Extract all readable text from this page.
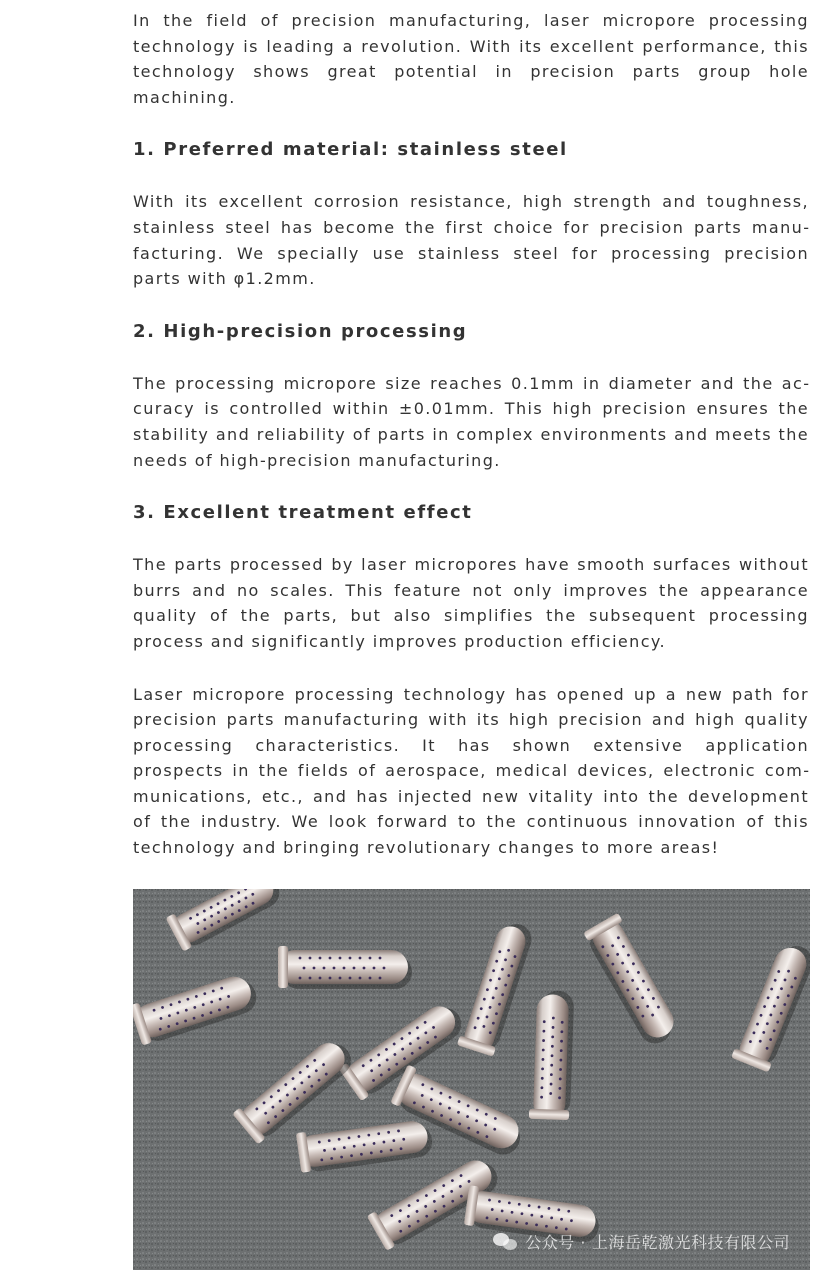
In the field of precision manufacturing, laser micropore processing technology is leading a revolution. With its excellent performance, this technology shows great potential in precision parts group hole machining.

1. Preferred material: stainless steel

With its excellent corrosion resistance, high strength and toughness, stainless steel has become the first choice for precision parts manufacturing. We specially use stainless steel for processing precision parts with φ1.2mm.

2. High-precision processing

The processing micropore size reaches 0.1mm in diameter and the accuracy is controlled within ±0.01mm. This high precision ensures the stability and reliability of parts in complex environments and meets the needs of high-precision manufacturing.

3. Excellent treatment effect

The parts processed by laser micropores have smooth surfaces without burrs and no scales. This feature not only improves the appearance quality of the parts, but also simplifies the subsequent processing process and significantly improves production efficiency.

Laser micropore processing technology has opened up a new path for precision parts manufacturing with its high precision and high quality processing characteristics. It has shown extensive application prospects in the fields of aerospace, medical devices, electronic communications, etc., and has injected new vitality into the development of the industry. We look forward to the continuous innovation of this technology and bringing revolutionary changes to more areas!

公众号 · 上海岳乾激光科技有限公司
